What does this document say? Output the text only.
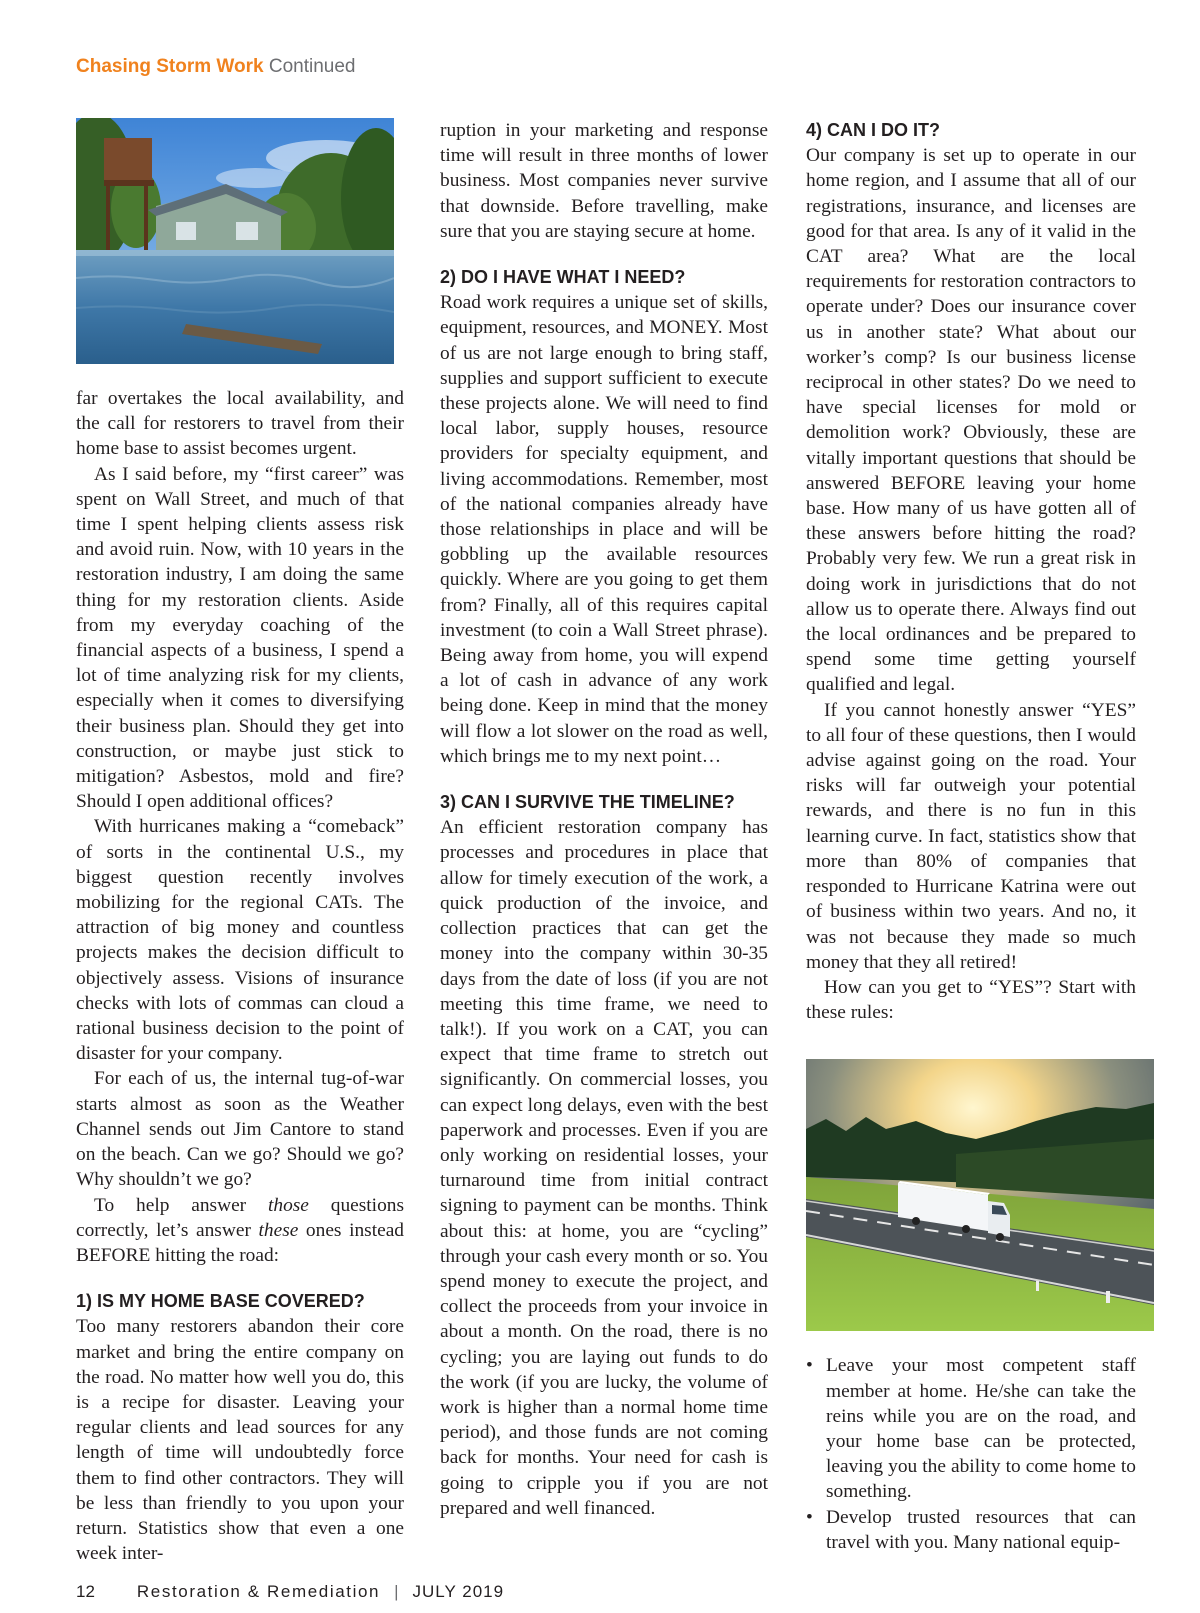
Chasing Storm Work Continued

far overtakes the local availability, and the call for restorers to travel from their home base to assist becomes urgent.

As I said before, my “first career” was spent on Wall Street, and much of that time I spent helping clients assess risk and avoid ruin. Now, with 10 years in the restoration industry, I am doing the same thing for my restoration clients. Aside from my everyday coaching of the financial aspects of a business, I spend a lot of time analyzing risk for my clients, especially when it comes to diversifying their business plan. Should they get into construction, or maybe just stick to mitigation? Asbestos, mold and fire? Should I open additional offices?

With hurricanes making a “comeback” of sorts in the continental U.S., my biggest question recently involves mobilizing for the regional CATs. The attraction of big money and countless projects makes the decision difficult to objectively assess. Visions of insurance checks with lots of commas can cloud a rational business decision to the point of disaster for your company.

For each of us, the internal tug-of-war starts almost as soon as the Weather Channel sends out Jim Cantore to stand on the beach. Can we go? Should we go? Why shouldn’t we go?

To help answer those questions correctly, let’s answer these ones instead BEFORE hitting the road:

1) IS MY HOME BASE COVERED?

Too many restorers abandon their core market and bring the entire company on the road. No matter how well you do, this is a recipe for disaster. Leaving your regular clients and lead sources for any length of time will undoubtedly force them to find other contractors. They will be less than friendly to you upon your return. Statistics show that even a one week inter-

ruption in your marketing and response time will result in three months of lower business. Most companies never survive that downside. Before travelling, make sure that you are staying secure at home.

2) DO I HAVE WHAT I NEED?

Road work requires a unique set of skills, equipment, resources, and MONEY. Most of us are not large enough to bring staff, supplies and support sufficient to execute these projects alone. We will need to find local labor, supply houses, resource providers for specialty equipment, and living accommodations. Remember, most of the national companies already have those relationships in place and will be gobbling up the available resources quickly. Where are you going to get them from? Finally, all of this requires capital investment (to coin a Wall Street phrase). Being away from home, you will expend a lot of cash in advance of any work being done. Keep in mind that the money will flow a lot slower on the road as well, which brings me to my next point…

3) CAN I SURVIVE THE TIMELINE?

An efficient restoration company has processes and procedures in place that allow for timely execution of the work, a quick production of the invoice, and collection practices that can get the money into the company within 30-35 days from the date of loss (if you are not meeting this time frame, we need to talk!). If you work on a CAT, you can expect that time frame to stretch out significantly. On commercial losses, you can expect long delays, even with the best paperwork and processes. Even if you are only working on residential losses, your turnaround time from initial contract signing to payment can be months. Think about this: at home, you are “cycling” through your cash every month or so. You spend money to execute the project, and collect the proceeds from your invoice in about a month. On the road, there is no cycling; you are laying out funds to do the work (if you are lucky, the volume of work is higher than a normal home time period), and those funds are not coming back for months. Your need for cash is going to cripple you if you are not prepared and well financed.

4) CAN I DO IT?

Our company is set up to operate in our home region, and I assume that all of our registrations, insurance, and licenses are good for that area. Is any of it valid in the CAT area? What are the local requirements for restoration contractors to operate under? Does our insurance cover us in another state? What about our worker’s comp? Is our business license reciprocal in other states? Do we need to have special licenses for mold or demolition work? Obviously, these are vitally important questions that should be answered BEFORE leaving your home base. How many of us have gotten all of these answers before hitting the road? Probably very few. We run a great risk in doing work in jurisdictions that do not allow us to operate there. Always find out the local ordinances and be prepared to spend some time getting yourself qualified and legal.

If you cannot honestly answer “YES” to all four of these questions, then I would advise against going on the road. Your risks will far outweigh your potential rewards, and there is no fun in this learning curve. In fact, statistics show that more than 80% of companies that responded to Hurricane Katrina were out of business within two years. And no, it was not because they made so much money that they all retired!

How can you get to “YES”? Start with these rules:

• Leave your most competent staff member at home. He/she can take the reins while you are on the road, and your home base can be protected, leaving you the ability to come home to something.
• Develop trusted resources that can travel with you. Many national equip-
12 Restoration & Remediation | JULY 2019
